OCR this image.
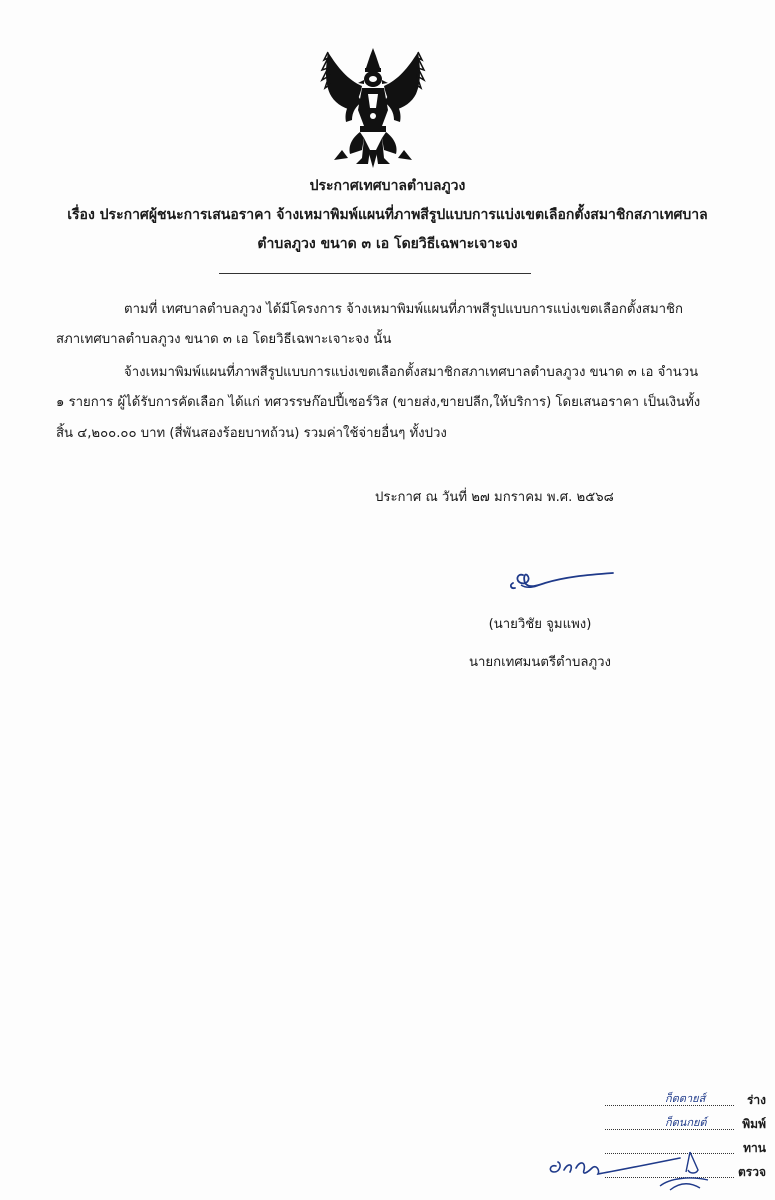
ประกาศเทศบาลตำบลภูวง
เรื่อง ประกาศผู้ชนะการเสนอราคา จ้างเหมาพิมพ์แผนที่ภาพสีรูปแบบการแบ่งเขตเลือกตั้งสมาชิกสภาเทศบาล
ตำบลภูวง ขนาด ๓ เอ โดยวิธีเฉพาะเจาะจง
ตามที่ เทศบาลตำบลภูวง ได้มีโครงการ จ้างเหมาพิมพ์แผนที่ภาพสีรูปแบบการแบ่งเขตเลือกตั้งสมาชิก
สภาเทศบาลตำบลภูวง ขนาด ๓ เอ โดยวิธีเฉพาะเจาะจง นั้น
จ้างเหมาพิมพ์แผนที่ภาพสีรูปแบบการแบ่งเขตเลือกตั้งสมาชิกสภาเทศบาลตำบลภูวง ขนาด ๓ เอ จำนวน
๑ รายการ ผู้ได้รับการคัดเลือก ได้แก่ ทศวรรษก๊อปปี้เซอร์วิส (ขายส่ง,ขายปลีก,ให้บริการ) โดยเสนอราคา เป็นเงินทั้ง
สิ้น ๔,๒๐๐.๐๐ บาท (สี่พันสองร้อยบาทถ้วน) รวมค่าใช้จ่ายอื่นๆ ทั้งปวง
ประกาศ ณ วันที่ ๒๗ มกราคม พ.ศ. ๒๕๖๘
(นายวิชัย จูมแพง)
นายกเทศมนตรีตำบลภูวง
ก็ตตายส์	ร่าง
ก็ตนกยต์	พิมพ์
ทาน
ตรวจ
